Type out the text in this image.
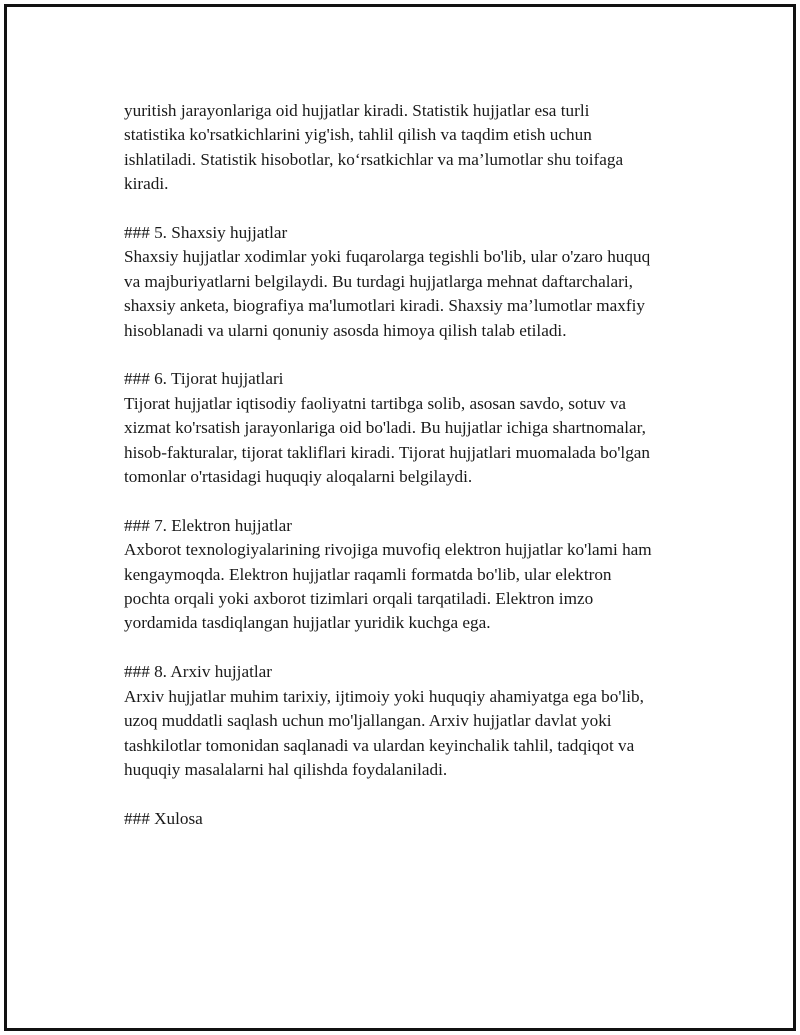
yuritish jarayonlariga oid hujjatlar kiradi. Statistik hujjatlar esa turli

statistika ko'rsatkichlarini yig'ish, tahlil qilish va taqdim etish uchun

ishlatiladi. Statistik hisobotlar, ko‘rsatkichlar va ma’lumotlar shu toifaga

kiradi.

### 5. Shaxsiy hujjatlar

Shaxsiy hujjatlar xodimlar yoki fuqarolarga tegishli bo'lib, ular o'zaro huquq

va majburiyatlarni belgilaydi. Bu turdagi hujjatlarga mehnat daftarchalari,

shaxsiy anketa, biografiya ma'lumotlari kiradi. Shaxsiy ma’lumotlar maxfiy

hisoblanadi va ularni qonuniy asosda himoya qilish talab etiladi.

### 6. Tijorat hujjatlari

Tijorat hujjatlar iqtisodiy faoliyatni tartibga solib, asosan savdo, sotuv va

xizmat ko'rsatish jarayonlariga oid bo'ladi. Bu hujjatlar ichiga shartnomalar,

hisob-fakturalar, tijorat takliflari kiradi. Tijorat hujjatlari muomalada bo'lgan

tomonlar o'rtasidagi huquqiy aloqalarni belgilaydi.

### 7. Elektron hujjatlar

Axborot texnologiyalarining rivojiga muvofiq elektron hujjatlar ko'lami ham

kengaymoqda. Elektron hujjatlar raqamli formatda bo'lib, ular elektron

pochta orqali yoki axborot tizimlari orqali tarqatiladi. Elektron imzo

yordamida tasdiqlangan hujjatlar yuridik kuchga ega.

### 8. Arxiv hujjatlar

Arxiv hujjatlar muhim tarixiy, ijtimoiy yoki huquqiy ahamiyatga ega bo'lib,

uzoq muddatli saqlash uchun mo'ljallangan. Arxiv hujjatlar davlat yoki

tashkilotlar tomonidan saqlanadi va ulardan keyinchalik tahlil, tadqiqot va

huquqiy masalalarni hal qilishda foydalaniladi.

### Xulosa
